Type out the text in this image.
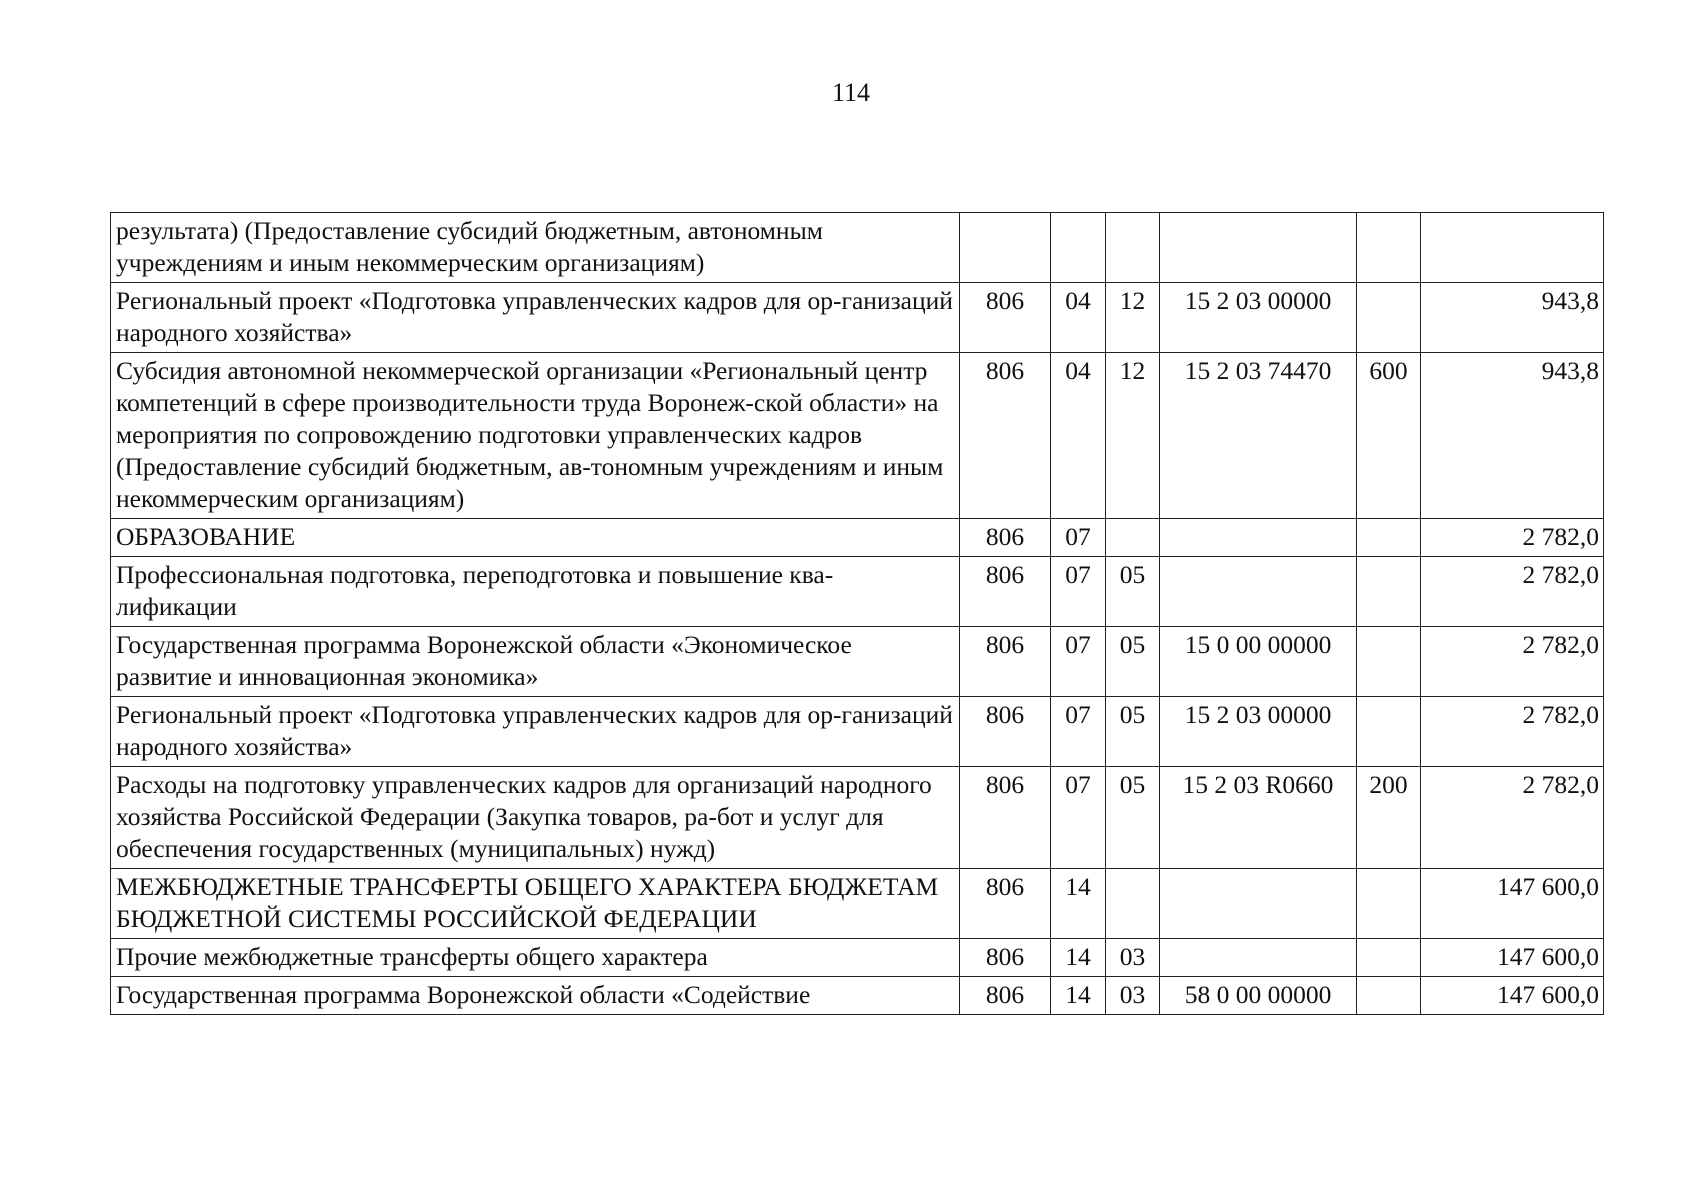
114
результата) (Предоставление субсидий бюджетным, автономным учреждениям и иным некоммерческим организациям)						
Региональный проект «Подготовка управленческих кадров для ор-ганизаций народного хозяйства»	806	04	12	15 2 03 00000		943,8
Субсидия автономной некоммерческой организации «Региональный центр компетенций в сфере производительности труда Воронеж-ской области» на мероприятия по сопровождению подготовки управленческих кадров (Предоставление субсидий бюджетным, ав-тономным учреждениям и иным некоммерческим организациям)	806	04	12	15 2 03 74470	600	943,8
ОБРАЗОВАНИЕ	806	07				2 782,0
Профессиональная подготовка, переподготовка и повышение ква-лификации	806	07	05			2 782,0
Государственная программа Воронежской области «Экономическое развитие и инновационная экономика»	806	07	05	15 0 00 00000		2 782,0
Региональный проект «Подготовка управленческих кадров для ор-ганизаций народного хозяйства»	806	07	05	15 2 03 00000		2 782,0
Расходы на подготовку управленческих кадров для организаций народного хозяйства Российской Федерации (Закупка товаров, ра-бот и услуг для обеспечения государственных (муниципальных) нужд)	806	07	05	15 2 03 R0660	200	2 782,0
МЕЖБЮДЖЕТНЫЕ ТРАНСФЕРТЫ ОБЩЕГО ХАРАКТЕРА БЮДЖЕТАМ БЮДЖЕТНОЙ СИСТЕМЫ РОССИЙСКОЙ ФЕДЕРАЦИИ	806	14				147 600,0
Прочие межбюджетные трансферты общего характера	806	14	03			147 600,0
Государственная программа Воронежской области «Содействие	806	14	03	58 0 00 00000		147 600,0
